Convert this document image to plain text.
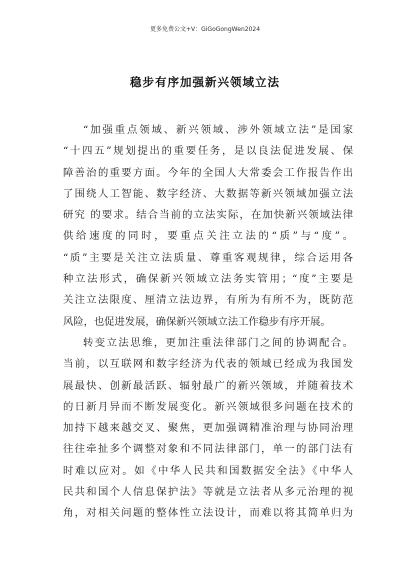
更多免费公文+V：GiGoGongWen2024
稳步有序加强新兴领域立法
“加强重点领域、新兴领域、涉外领域立法”是国家
“十四五”规划提出的重要任务，是以良法促进发展、保
障善治的重要方面。今年的全国人大常委会工作报告作出
了围绕人工智能、数字经济、大数据等新兴领域加强立法
研究 的要求。结合当前的立法实际，在加快新兴领域法律
供给速度的同时，要重点关注立法的“质”与“度”。
“质”主要是关注立法质量、尊重客观规律，综合运用各
种立法形式，确保新兴领域立法务实管用；“度”主要是
关注立法限度、厘清立法边界，有所为有所不为，既防范
风险，也促进发展，确保新兴领域立法工作稳步有序开展。
转变立法思维，更加注重法律部门之间的协调配合。
当前，以互联网和数字经济为代表的领域已经成为我国发
展最快、创新最活跃、辐射最广的新兴领域，并随着技术
的日新月异而不断发展变化。新兴领域很多问题在技术的
加持下越来越交叉、聚焦，更加强调精准治理与协同治理
往往牵扯多个调整对象和不同法律部门，单一的部门法有
时难以应对。如《中华人民共和国数据安全法》《中华人
民共和国个人信息保护法》等就是立法者从多元治理的视
角，对相关问题的整体性立法设计，而难以将其简单归为
